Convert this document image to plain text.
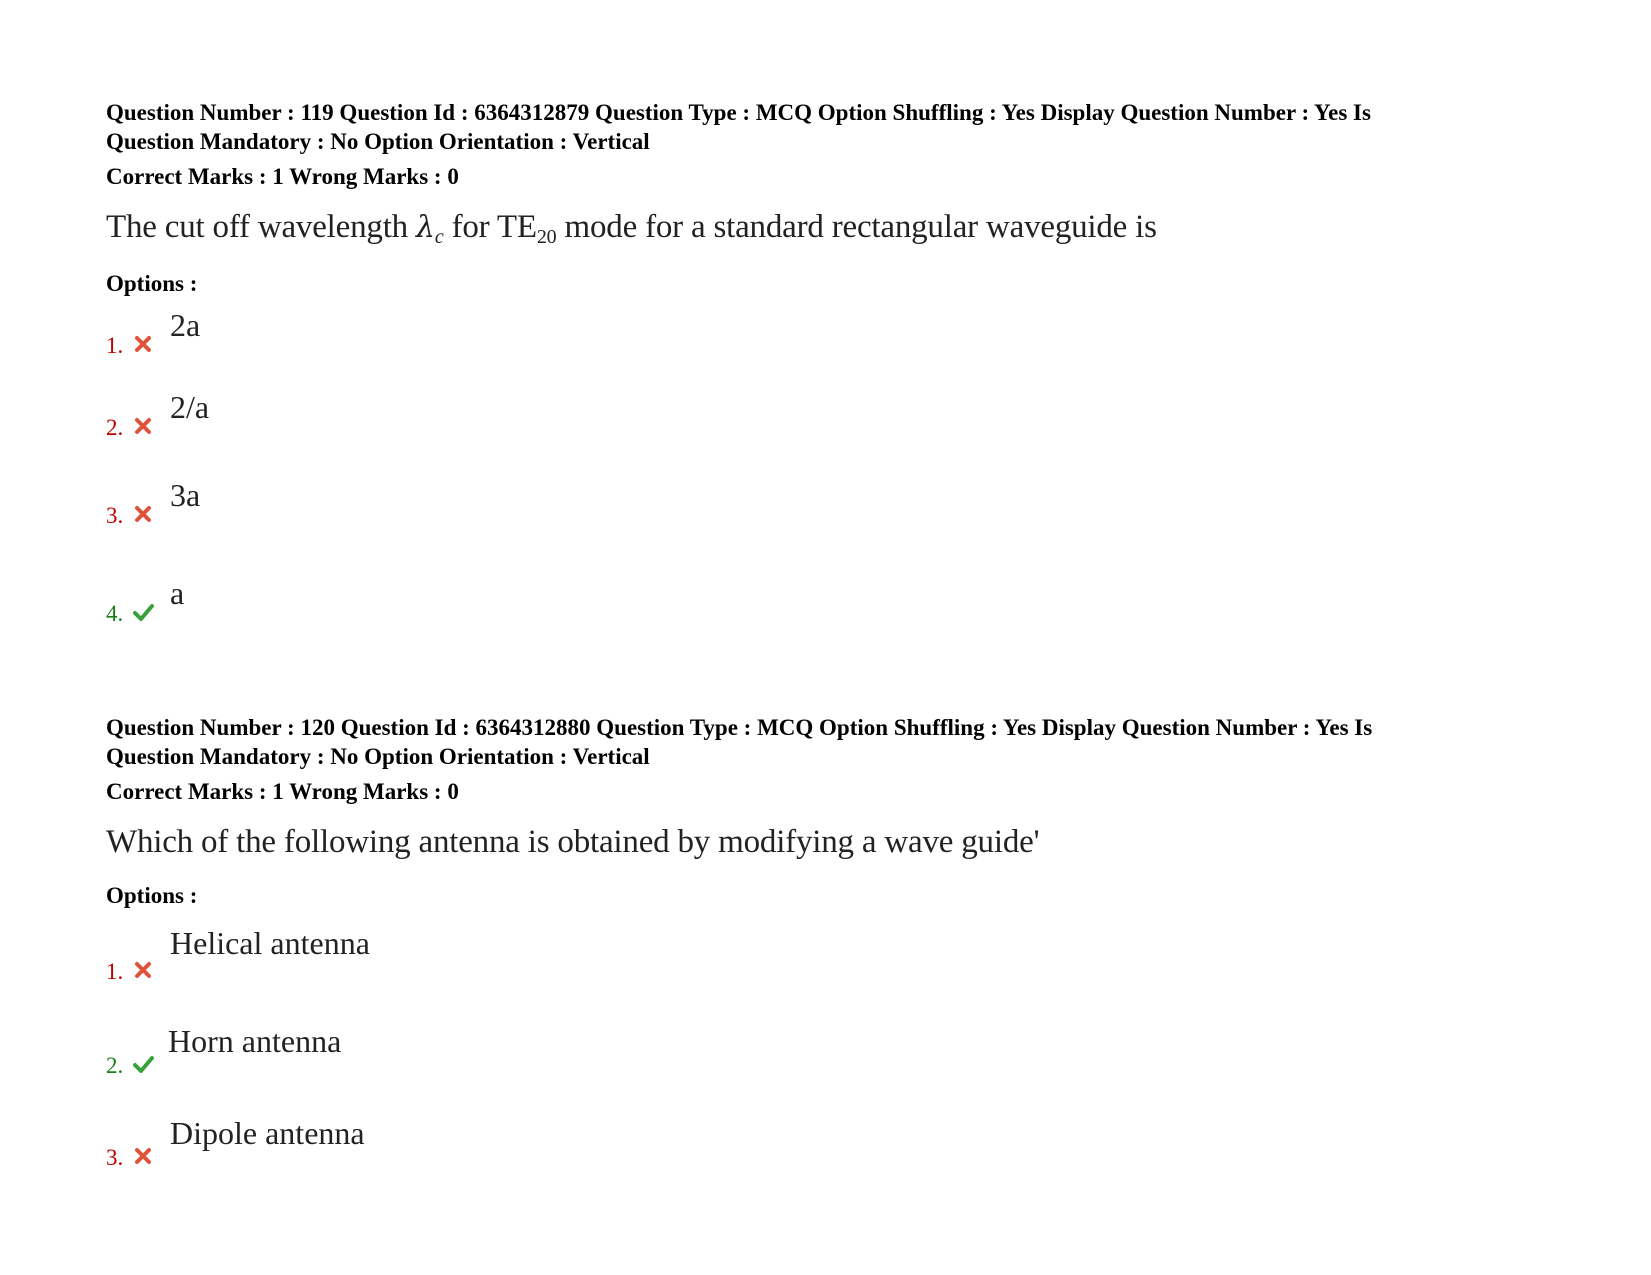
Question Number : 119 Question Id : 6364312879 Question Type : MCQ Option Shuffling : Yes Display Question Number : Yes Is
Question Mandatory : No Option Orientation : Vertical

Correct Marks : 1 Wrong Marks : 0
The cut off wavelength λc for $TE_{20}$ mode for a standard rectangular waveguide is
Options :
1.
2a
2.
2/a
3.
3a
4.
a

Question Number : 120 Question Id : 6364312880 Question Type : MCQ Option Shuffling : Yes Display Question Number : Yes Is
Question Mandatory : No Option Orientation : Vertical

Correct Marks : 1 Wrong Marks : 0
Which of the following antenna is obtained by modifying a wave guide'
Options :
1.
Helical antenna
2.
Horn antenna
3.
Dipole antenna
